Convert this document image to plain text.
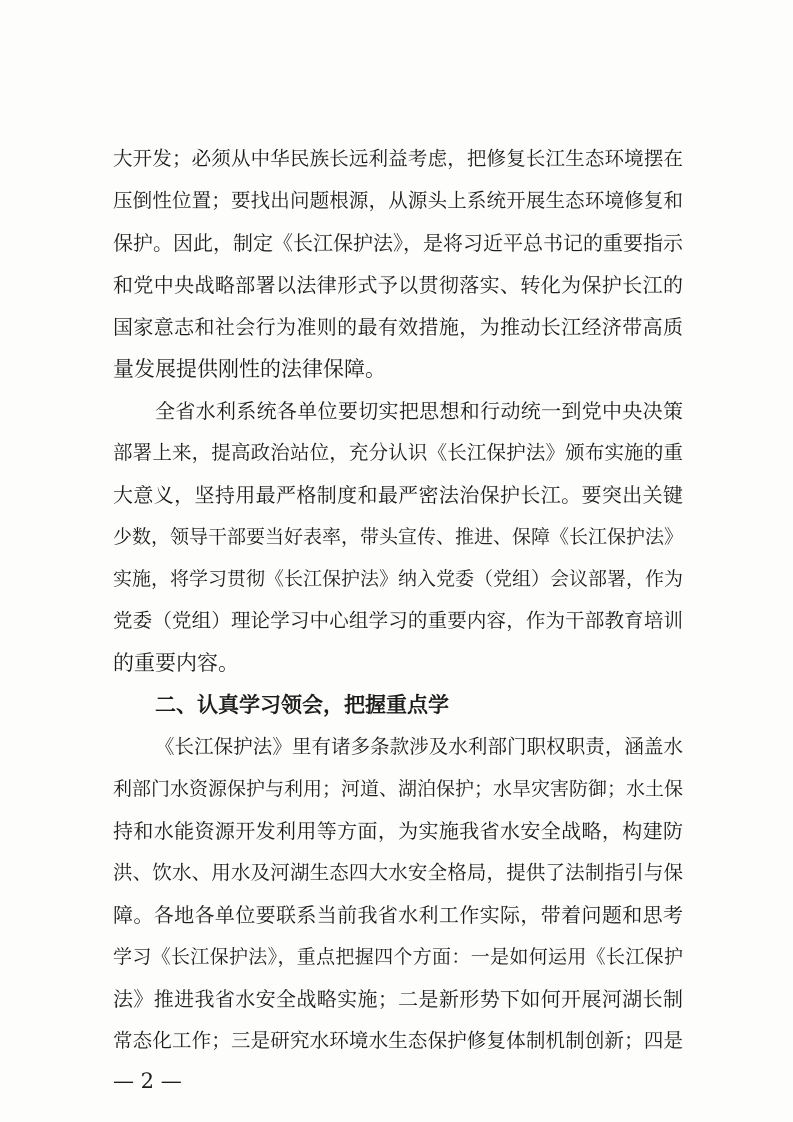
大开发；必须从中华民族长远利益考虑，把修复长江生态环境摆在
压倒性位置；要找出问题根源，从源头上系统开展生态环境修复和
保护。因此，制定《长江保护法》，是将习近平总书记的重要指示
和党中央战略部署以法律形式予以贯彻落实、转化为保护长江的
国家意志和社会行为准则的最有效措施，为推动长江经济带高质
量发展提供刚性的法律保障。
全省水利系统各单位要切实把思想和行动统一到党中央决策
部署上来，提高政治站位，充分认识《长江保护法》颁布实施的重
大意义，坚持用最严格制度和最严密法治保护长江。要突出关键
少数，领导干部要当好表率，带头宣传、推进、保障《长江保护法》
实施，将学习贯彻《长江保护法》纳入党委（党组）会议部署，作为
党委（党组）理论学习中心组学习的重要内容，作为干部教育培训
的重要内容。
二、认真学习领会，把握重点学
《长江保护法》里有诸多条款涉及水利部门职权职责，涵盖水
利部门水资源保护与利用；河道、湖泊保护；水旱灾害防御；水土保
持和水能资源开发利用等方面，为实施我省水安全战略，构建防
洪、饮水、用水及河湖生态四大水安全格局，提供了法制指引与保
障。各地各单位要联系当前我省水利工作实际，带着问题和思考
学习《长江保护法》，重点把握四个方面：一是如何运用《长江保护
法》推进我省水安全战略实施；二是新形势下如何开展河湖长制
常态化工作；三是研究水环境水生态保护修复体制机制创新；四是
— 2 —
